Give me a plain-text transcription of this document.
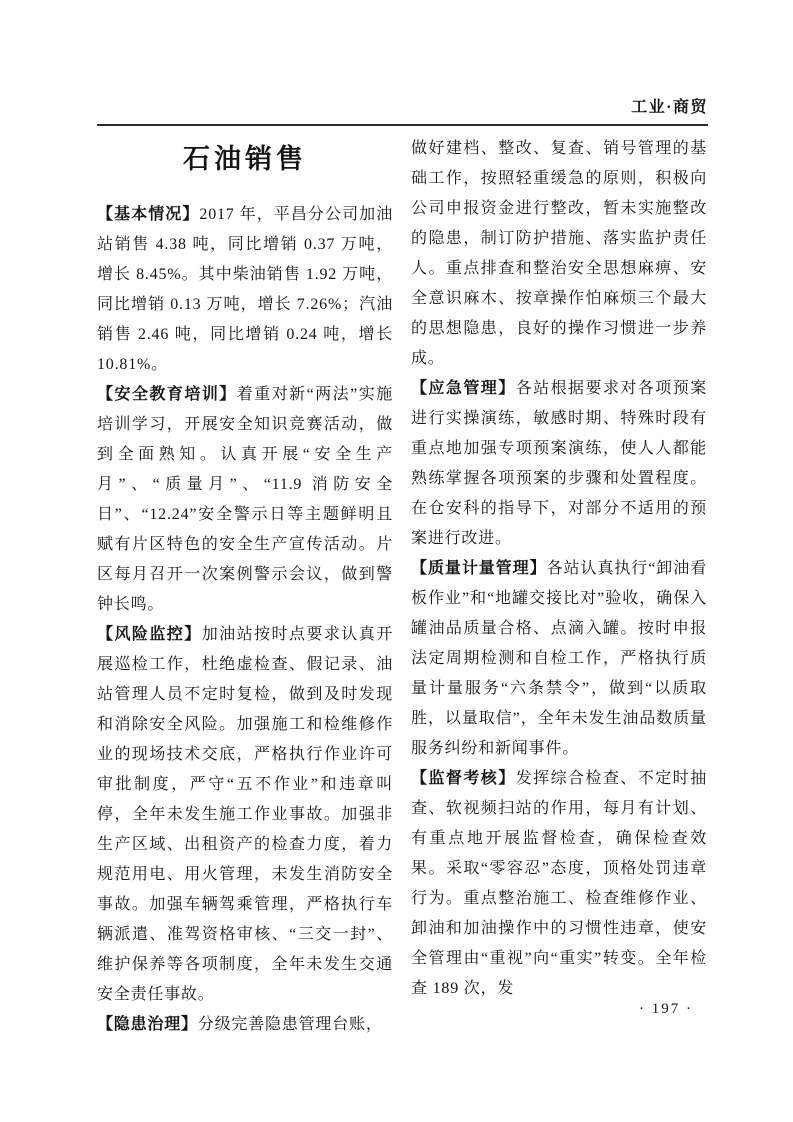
工业·商贸
石油销售

【基本情况】2017 年，平昌分公司加油站销售 4.38 吨，同比增销 0.37 万吨，增长 8.45%。其中柴油销售 1.92 万吨，同比增销 0.13 万吨，增长 7.26%；汽油销售 2.46 吨，同比增销 0.24 吨，增长 10.81%。

【安全教育培训】着重对新“两法”实施培训学习，开展安全知识竞赛活动，做到全面熟知。认真开展“安全生产月”、“质量月”、“11.9 消防安全日”、“12.24”安全警示日等主题鲜明且赋有片区特色的安全生产宣传活动。片区每月召开一次案例警示会议，做到警钟长鸣。

【风险监控】加油站按时点要求认真开展巡检工作，杜绝虚检查、假记录、油站管理人员不定时复检，做到及时发现和消除安全风险。加强施工和检维修作业的现场技术交底，严格执行作业许可审批制度，严守“五不作业”和违章叫停，全年未发生施工作业事故。加强非生产区域、出租资产的检查力度，着力规范用电、用火管理，未发生消防安全事故。加强车辆驾乘管理，严格执行车辆派遣、准驾资格审核、“三交一封”、维护保养等各项制度，全年未发生交通安全责任事故。

【隐患治理】分级完善隐患管理台账，

做好建档、整改、复查、销号管理的基础工作，按照轻重缓急的原则，积极向公司申报资金进行整改，暂未实施整改的隐患，制订防护措施、落实监护责任人。重点排查和整治安全思想麻痹、安全意识麻木、按章操作怕麻烦三个最大的思想隐患，良好的操作习惯进一步养成。

【应急管理】各站根据要求对各项预案进行实操演练，敏感时期、特殊时段有重点地加强专项预案演练，使人人都能熟练掌握各项预案的步骤和处置程度。在仓安科的指导下，对部分不适用的预案进行改进。

【质量计量管理】各站认真执行“卸油看板作业”和“地罐交接比对”验收，确保入罐油品质量合格、点滴入罐。按时申报法定周期检测和自检工作，严格执行质量计量服务“六条禁令”，做到“以质取胜，以量取信”，全年未发生油品数质量服务纠纷和新闻事件。

【监督考核】发挥综合检查、不定时抽查、软视频扫站的作用，每月有计划、有重点地开展监督检查，确保检查效果。采取“零容忍”态度，顶格处罚违章行为。重点整治施工、检查维修作业、卸油和加油操作中的习惯性违章，使安全管理由“重视”向“重实”转变。全年检查 189 次，发

· 197 ·
